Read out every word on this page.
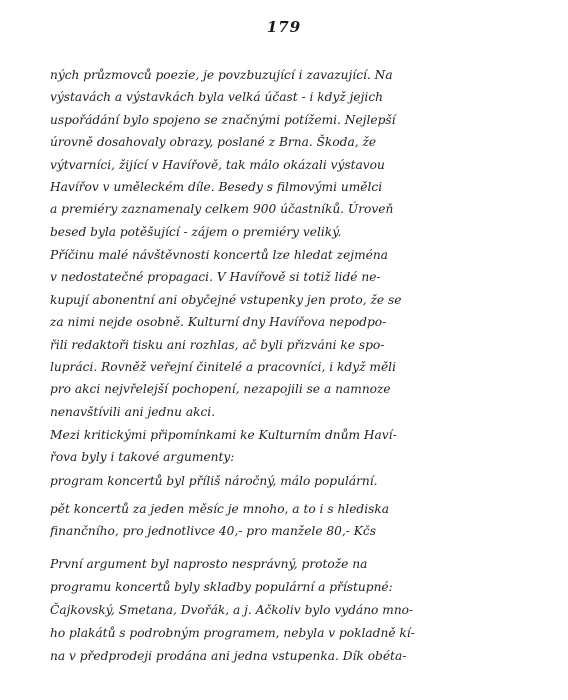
179
ných průzmovců poezie, je povzbuzující i zavazující. Na
výstavách a výstavkách byla velká účast - i když jejich
uspořádání bylo spojeno se značnými potížemi. Nejlepší
úrovně dosahovaly obrazy, poslané z Brna. Škoda, že
výtvarníci, žijící v Havířově, tak málo okázali výstavou
Havířov v uměleckém díle. Besedy s filmovými umělci
a premiéry zaznamenaly celkem 900 účastníků. Úroveň
besed byla potěšující - zájem o premiéry veliký.
Příčinu malé návštěvnosti koncertů lze hledat zejména
v nedostatečné propagaci. V Havířově si totiž lidé ne-
kupují abonentní ani obyčejné vstupenky jen proto, že se
za nimi nejde osobně. Kulturní dny Havířova nepodpo-
řili redaktoři tisku ani rozhlas, ač byli přizváni ke spo-
lupráci. Rovněž veřejní činitelé a pracovníci, i když měli
pro akci nejvřelejší pochopení, nezapojili se a namnoze
nenavštívili ani jednu akci.
Mezi kritickými připomínkami ke Kulturním dnům Haví-
řova byly i takové argumenty:
program koncertů byl příliš náročný, málo populární.
pět koncertů za jeden měsíc je mnoho, a to i s hlediska
finančního, pro jednotlivce 40,- pro manžele 80,- Kčs
První argument byl naprosto nesprávný, protože na
programu koncertů byly skladby populární a přístupné:
Čajkovský, Smetana, Dvořák, a j. Ačkoliv bylo vydáno mno-
ho plakátů s podrobným programem, nebyla v pokladně kí-
na v předprodeji prodána ani jedna vstupenka. Dík obéta-
